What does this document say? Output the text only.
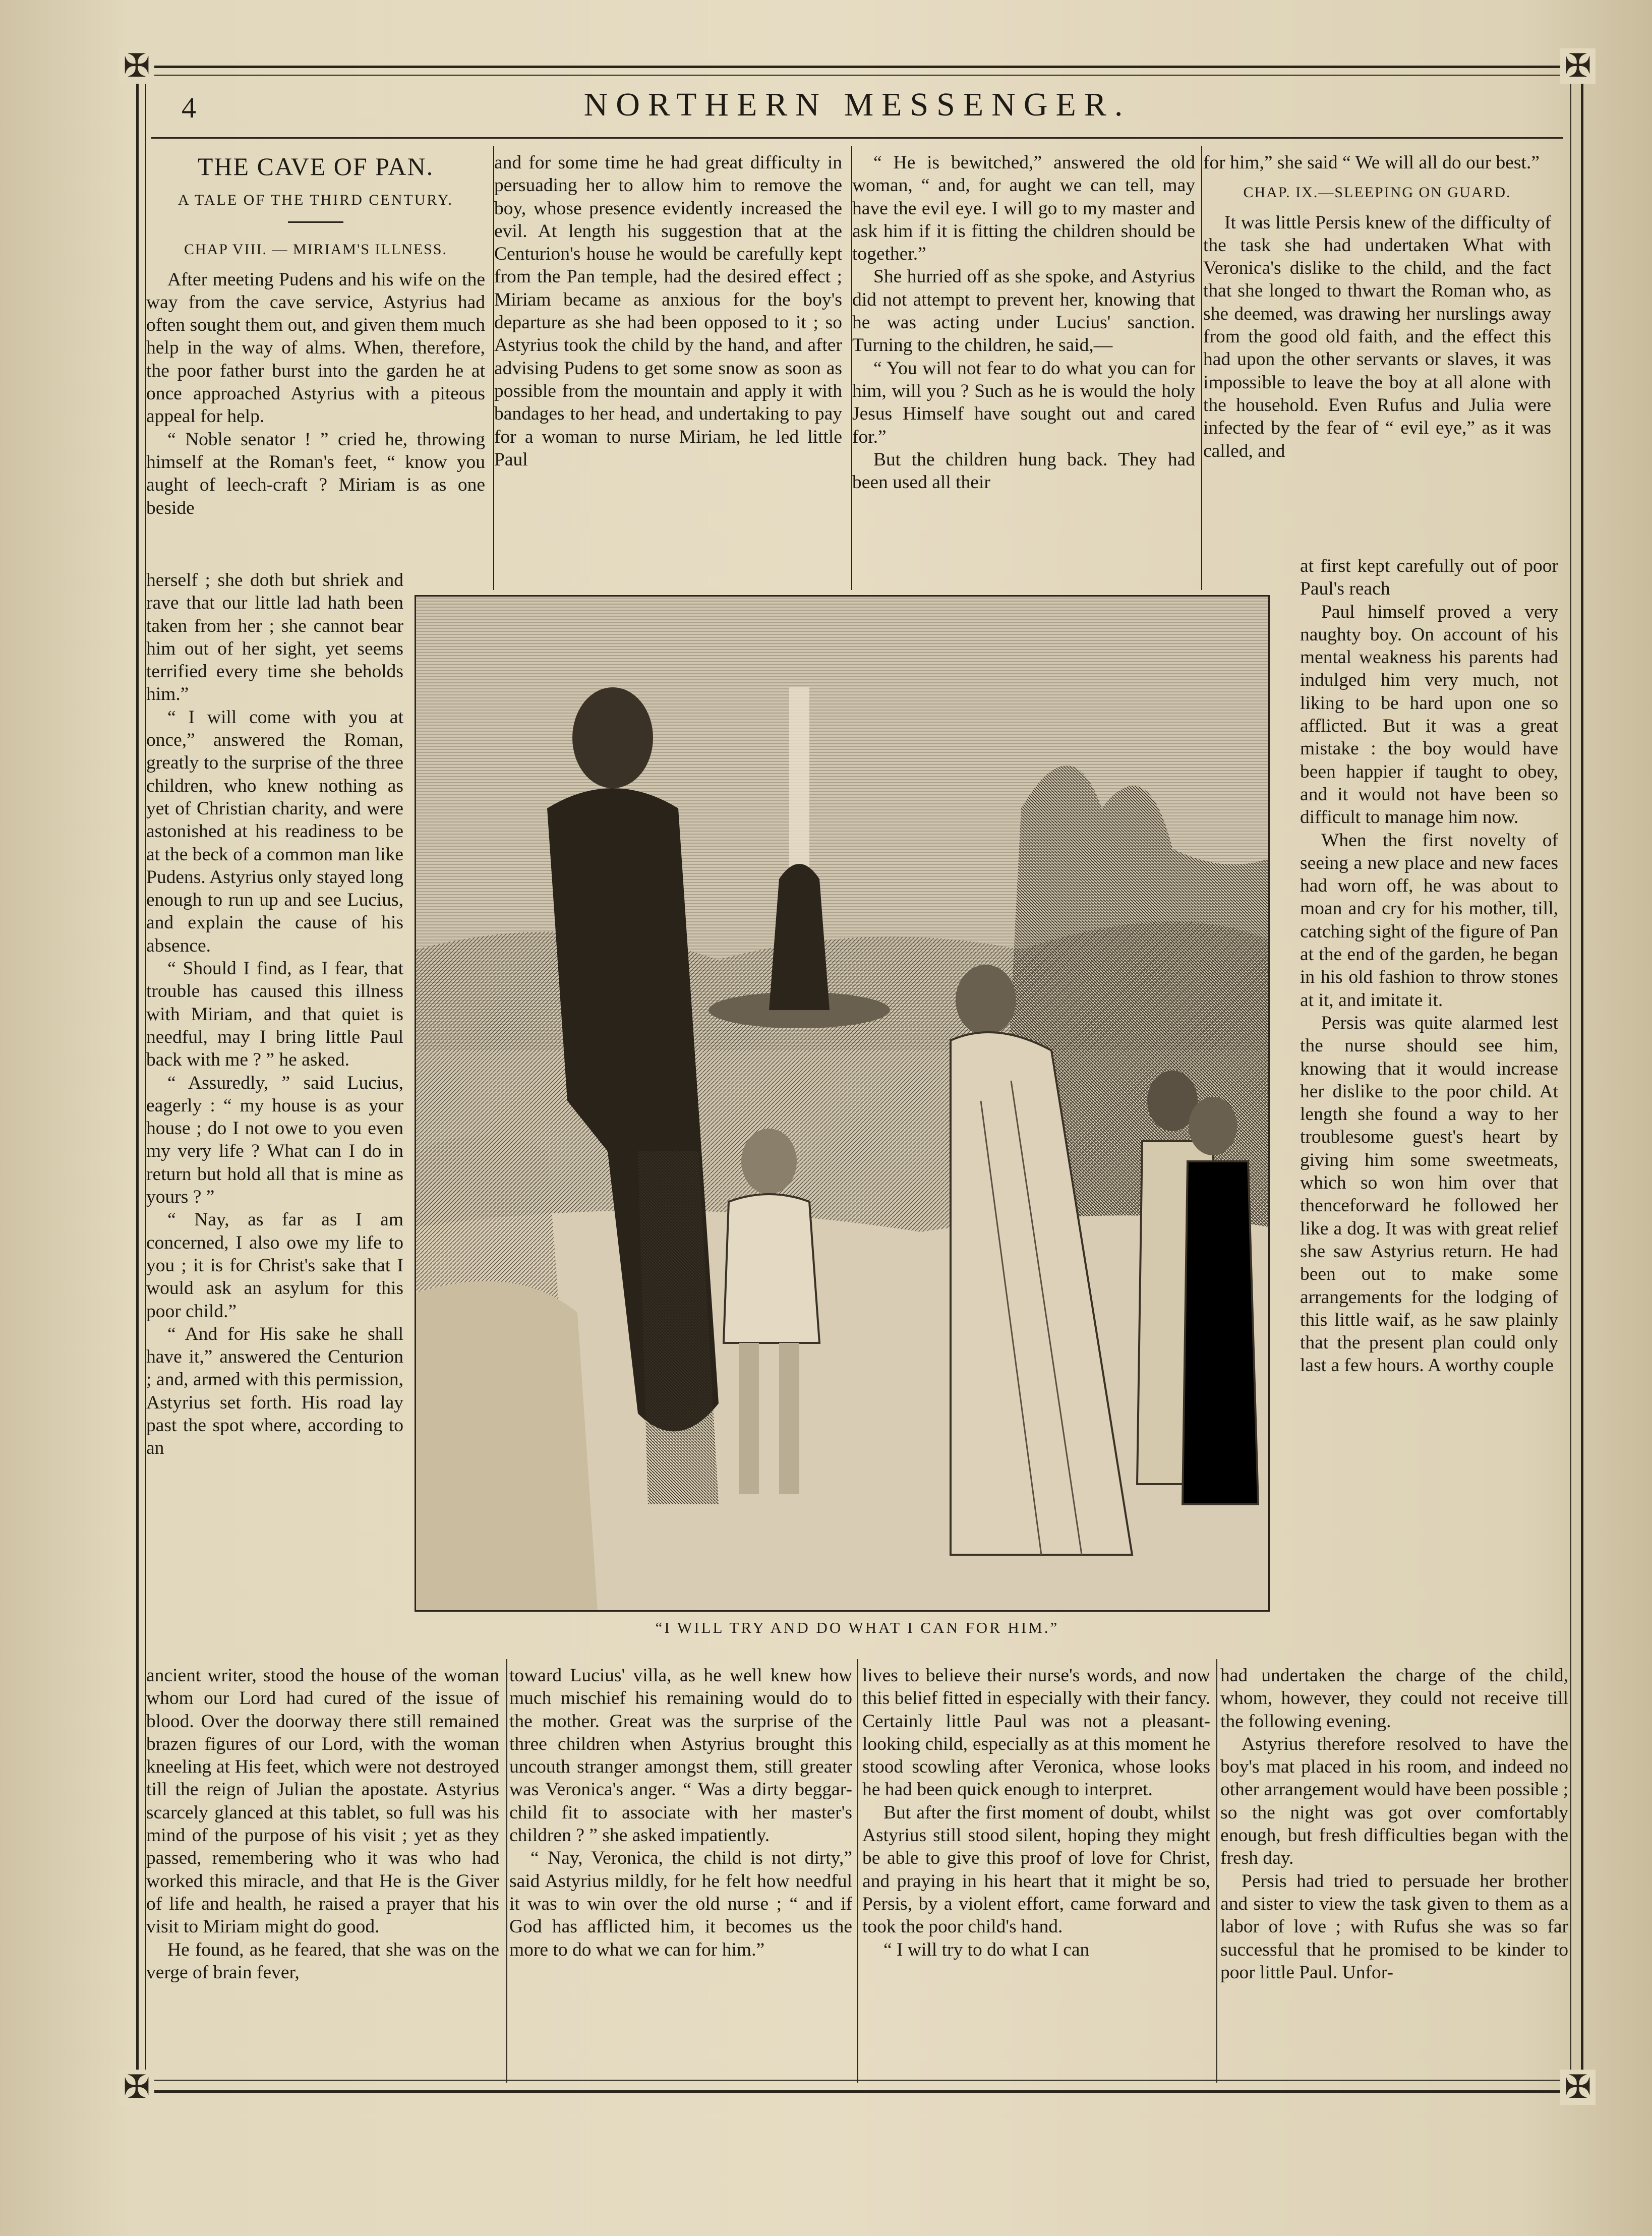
✠	✠
✠	✠
4	NORTHERN MESSENGER.
THE CAVE OF PAN.
A TALE OF THE THIRD CENTURY.
CHAP VIII. — MIRIAM'S ILLNESS.

After meeting Pudens and his wife on the way from the cave service, Astyrius had often sought them out, and given them much help in the way of alms. When, therefore, the poor father burst into the garden he at once approached Astyrius with a piteous appeal for help.

“ Noble senator ! ” cried he, throwing himself at the Roman's feet, “ know you aught of leech-craft ? Miriam is as one beside

herself ; she doth but shriek and rave that our little lad hath been taken from her ; she cannot bear him out of her sight, yet seems terrified every time she beholds him.”

“ I will come with you at once,” answered the Roman, greatly to the surprise of the three children, who knew nothing as yet of Christian charity, and were astonished at his readiness to be at the beck of a common man like Pudens. Astyrius only stayed long enough to run up and see Lucius, and explain the cause of his absence.

“ Should I find, as I fear, that trouble has caused this illness with Miriam, and that quiet is needful, may I bring little Paul back with me ? ” he asked.

“ Assuredly, ” said Lucius, eagerly : “ my house is as your house ; do I not owe to you even my very life ? What can I do in return but hold all that is mine as yours ? ”

“ Nay, as far as I am concerned, I also owe my life to you ; it is for Christ's sake that I would ask an asylum for this poor child.”

“ And for His sake he shall have it,” answered the Centurion ; and, armed with this permission, Astyrius set forth. His road lay past the spot where, according to an

ancient writer, stood the house of the woman whom our Lord had cured of the issue of blood. Over the doorway there still remained brazen figures of our Lord, with the woman kneeling at His feet, which were not destroyed till the reign of Julian the apostate. Astyrius scarcely glanced at this tablet, so full was his mind of the purpose of his visit ; yet as they passed, remembering who it was who had worked this miracle, and that He is the Giver of life and health, he raised a prayer that his visit to Miriam might do good.

He found, as he feared, that she was on the verge of brain fever,

and for some time he had great difficulty in persuading her to allow him to remove the boy, whose presence evidently increased the evil. At length his suggestion that at the Centurion's house he would be carefully kept from the Pan temple, had the desired effect ; Miriam became as anxious for the boy's departure as she had been opposed to it ; so Astyrius took the child by the hand, and after advising Pudens to get some snow as soon as possible from the mountain and apply it with bandages to her head, and undertaking to pay for a woman to nurse Miriam, he led little Paul

“ He is bewitched,” answered the old woman, “ and, for aught we can tell, may have the evil eye. I will go to my master and ask him if it is fitting the children should be together.”

She hurried off as she spoke, and Astyrius did not attempt to prevent her, knowing that he was acting under Lucius' sanction. Turning to the children, he said,—

“ You will not fear to do what you can for him, will you ? Such as he is would the holy Jesus Himself have sought out and cared for.”

But the children hung back. They had been used all their

for him,” she said “ We will all do our best.”

CHAP. IX.—SLEEPING ON GUARD.

It was little Persis knew of the difficulty of the task she had undertaken What with Veronica's dislike to the child, and the fact that she longed to thwart the Roman who, as she deemed, was drawing her nurslings away from the good old faith, and the effect this had upon the other servants or slaves, it was impossible to leave the boy at all alone with the household. Even Rufus and Julia were infected by the fear of “ evil eye,” as it was called, and

at first kept carefully out of poor Paul's reach

Paul himself proved a very naughty boy. On account of his mental weakness his parents had indulged him very much, not liking to be hard upon one so afflicted. But it was a great mistake : the boy would have been happier if taught to obey, and it would not have been so difficult to manage him now.

When the first novelty of seeing a new place and new faces had worn off, he was about to moan and cry for his mother, till, catching sight of the figure of Pan at the end of the garden, he began in his old fashion to throw stones at it, and imitate it.

Persis was quite alarmed lest the nurse should see him, knowing that it would increase her dislike to the poor child. At length she found a way to her troublesome guest's heart by giving him some sweetmeats, which so won him over that thenceforward he followed her like a dog. It was with great relief she saw Astyrius return. He had been out to make some arrangements for the lodging of this little waif, as he saw plainly that the present plan could only last a few hours. A worthy couple

“I WILL TRY AND DO WHAT I CAN FOR HIM.”

toward Lucius' villa, as he well knew how much mischief his remaining would do to the mother. Great was the surprise of the three children when Astyrius brought this uncouth stranger amongst them, still greater was Veronica's anger. “ Was a dirty beggar-child fit to associate with her master's children ? ” she asked impatiently.

“ Nay, Veronica, the child is not dirty,” said Astyrius mildly, for he felt how needful it was to win over the old nurse ; “ and if God has afflicted him, it becomes us the more to do what we can for him.”

lives to believe their nurse's words, and now this belief fitted in especially with their fancy. Certainly little Paul was not a pleasant-looking child, especially as at this moment he stood scowling after Veronica, whose looks he had been quick enough to interpret.

But after the first moment of doubt, whilst Astyrius still stood silent, hoping they might be able to give this proof of love for Christ, and praying in his heart that it might be so, Persis, by a violent effort, came forward and took the poor child's hand.

“ I will try to do what I can

had undertaken the charge of the child, whom, however, they could not receive till the following evening.

Astyrius therefore resolved to have the boy's mat placed in his room, and indeed no other arrangement would have been possible ; so the night was got over comfortably enough, but fresh difficulties began with the fresh day.

Persis had tried to persuade her brother and sister to view the task given to them as a labor of love ; with Rufus she was so far successful that he promised to be kinder to poor little Paul. Unfor-
